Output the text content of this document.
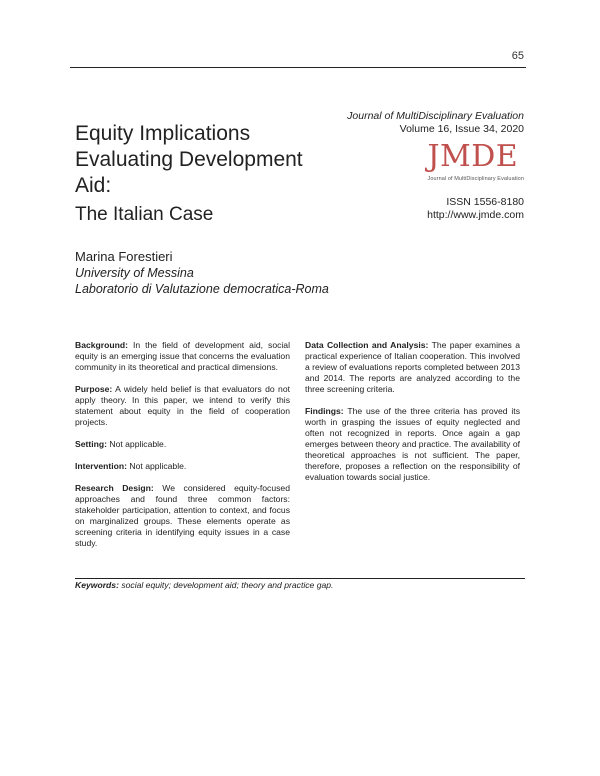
65
Journal of MultiDisciplinary Evaluation
Volume 16, Issue 34, 2020
JMDE
Journal of MultiDisciplinary Evaluation
ISSN 1556-8180
http://www.jmde.com
Equity Implications
Evaluating Development
Aid:
The Italian Case
Marina Forestieri
University of Messina
Laboratorio di Valutazione democratica-Roma

Background: In the field of development aid, social equity is an emerging issue that concerns the evaluation community in its theoretical and practical dimensions.

Purpose: A widely held belief is that evaluators do not apply theory. In this paper, we intend to verify this statement about equity in the field of cooperation projects.

Setting: Not applicable.

Intervention: Not applicable.

Research Design: We considered equity-focused approaches and found three common factors: stakeholder participation, attention to context, and focus on marginalized groups. These elements operate as screening criteria in identifying equity issues in a case study.

Data Collection and Analysis: The paper examines a practical experience of Italian cooperation. This involved a review of evaluations reports completed between 2013 and 2014. The reports are analyzed according to the three screening criteria.

Findings: The use of the three criteria has proved its worth in grasping the issues of equity neglected and often not recognized in reports. Once again a gap emerges between theory and practice. The availability of theoretical approaches is not sufficient. The paper, therefore, proposes a reflection on the responsibility of evaluation towards social justice.

Keywords: social equity; development aid; theory and practice gap.
